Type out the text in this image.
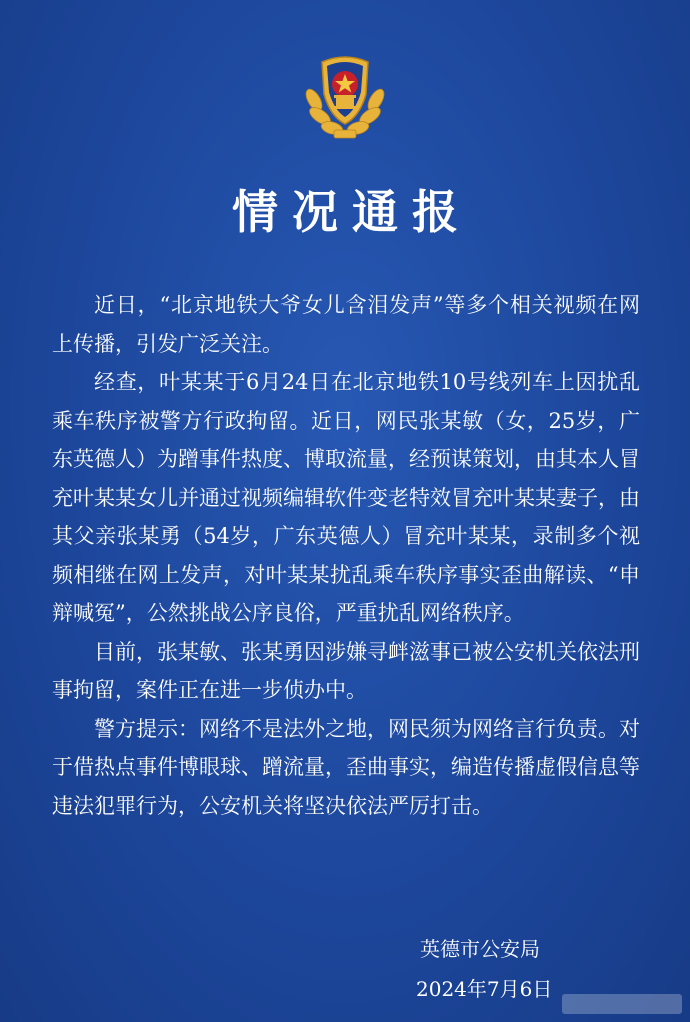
情况通报

近日，“北京地铁大爷女儿含泪发声”等多个相关视频在网上传播，引发广泛关注。

经查，叶某某于6月24日在北京地铁10号线列车上因扰乱乘车秩序被警方行政拘留。近日，网民张某敏（女，25岁，广东英德人）为蹭事件热度、博取流量，经预谋策划，由其本人冒充叶某某女儿并通过视频编辑软件变老特效冒充叶某某妻子，由其父亲张某勇（54岁，广东英德人）冒充叶某某，录制多个视频相继在网上发声，对叶某某扰乱乘车秩序事实歪曲解读、“申辩喊冤”，公然挑战公序良俗，严重扰乱网络秩序。

目前，张某敏、张某勇因涉嫌寻衅滋事已被公安机关依法刑事拘留，案件正在进一步侦办中。

警方提示：网络不是法外之地，网民须为网络言行负责。对于借热点事件博眼球、蹭流量，歪曲事实，编造传播虚假信息等违法犯罪行为，公安机关将坚决依法严厉打击。

英德市公安局
2024年7月6日
